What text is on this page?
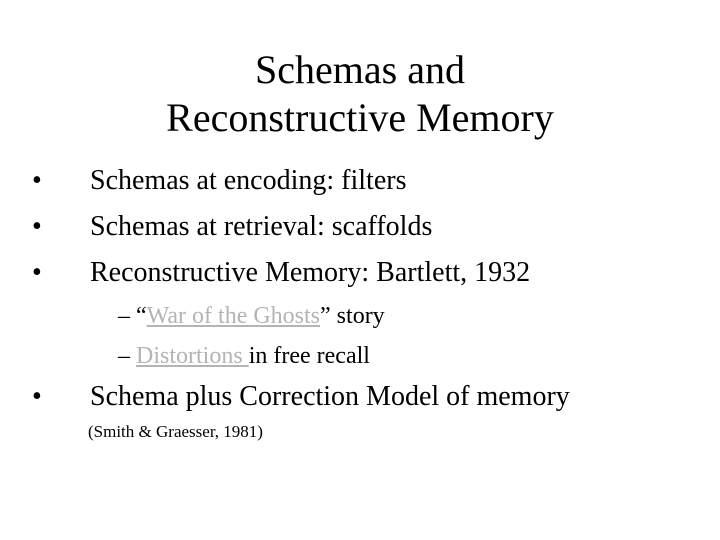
Schemas and
Reconstructive Memory
• Schemas at encoding: filters
• Schemas at retrieval: scaffolds
• Reconstructive Memory: Bartlett, 1932
– “War of the Ghosts” story
– Distortions in free recall
• Schema plus Correction Model of memory
(Smith & Graesser, 1981)
